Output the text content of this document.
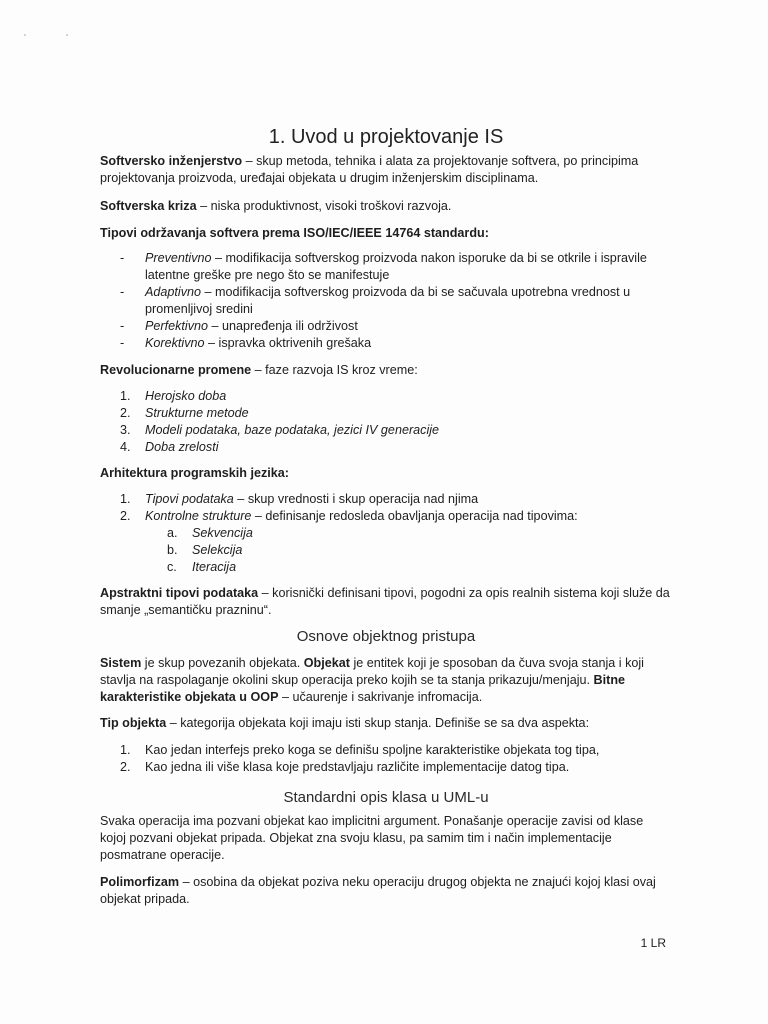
1. Uvod u projektovanje IS

Softversko inženjerstvo – skup metoda, tehnika i alata za projektovanje softvera, po principima projektovanja proizvoda, uređajai objekata u drugim inženjerskim disciplinama.

Softverska kriza – niska produktivnost, visoki troškovi razvoja.

Tipovi održavanja softvera prema ISO/IEC/IEEE 14764 standardu:

- Preventivno – modifikacija softverskog proizvoda nakon isporuke da bi se otkrile i ispravile latentne greške pre nego što se manifestuje
- Adaptivno – modifikacija softverskog proizvoda da bi se sačuvala upotrebna vrednost u promenljivoj sredini
- Perfektivno – unapređenja ili održivost
- Korektivno – ispravka oktrivenih grešaka

Revolucionarne promene – faze razvoja IS kroz vreme:

1. Herojsko doba
2. Strukturne metode
3. Modeli podataka, baze podataka, jezici IV generacije
4. Doba zrelosti

Arhitektura programskih jezika:

1. Tipovi podataka – skup vrednosti i skup operacija nad njima
2. Kontrolne strukture – definisanje redosleda obavljanja operacija nad tipovima:
a. Sekvencija
b. Selekcija
c. Iteracija

Apstraktni tipovi podataka – korisnički definisani tipovi, pogodni za opis realnih sistema koji služe da smanje „semantičku prazninu“.

Osnove objektnog pristupa

Sistem je skup povezanih objekata. Objekat je entitek koji je sposoban da čuva svoja stanja i koji stavlja na raspolaganje okolini skup operacija preko kojih se ta stanja prikazuju/menjaju. Bitne karakteristike objekata u OOP – učaurenje i sakrivanje infromacija.

Tip objekta – kategorija objekata koji imaju isti skup stanja. Definiše se sa dva aspekta:

1. Kao jedan interfejs preko koga se definišu spoljne karakteristike objekata tog tipa,
2. Kao jedna ili više klasa koje predstavljaju različite implementacije datog tipa.
Standardni opis klasa u UML-u

Svaka operacija ima pozvani objekat kao implicitni argument. Ponašanje operacije zavisi od klase kojoj pozvani objekat pripada. Objekat zna svoju klasu, pa samim tim i način implementacije posmatrane operacije.

Polimorfizam – osobina da objekat poziva neku operaciju drugog objekta ne znajući kojoj klasi ovaj objekat pripada.

1 LR
